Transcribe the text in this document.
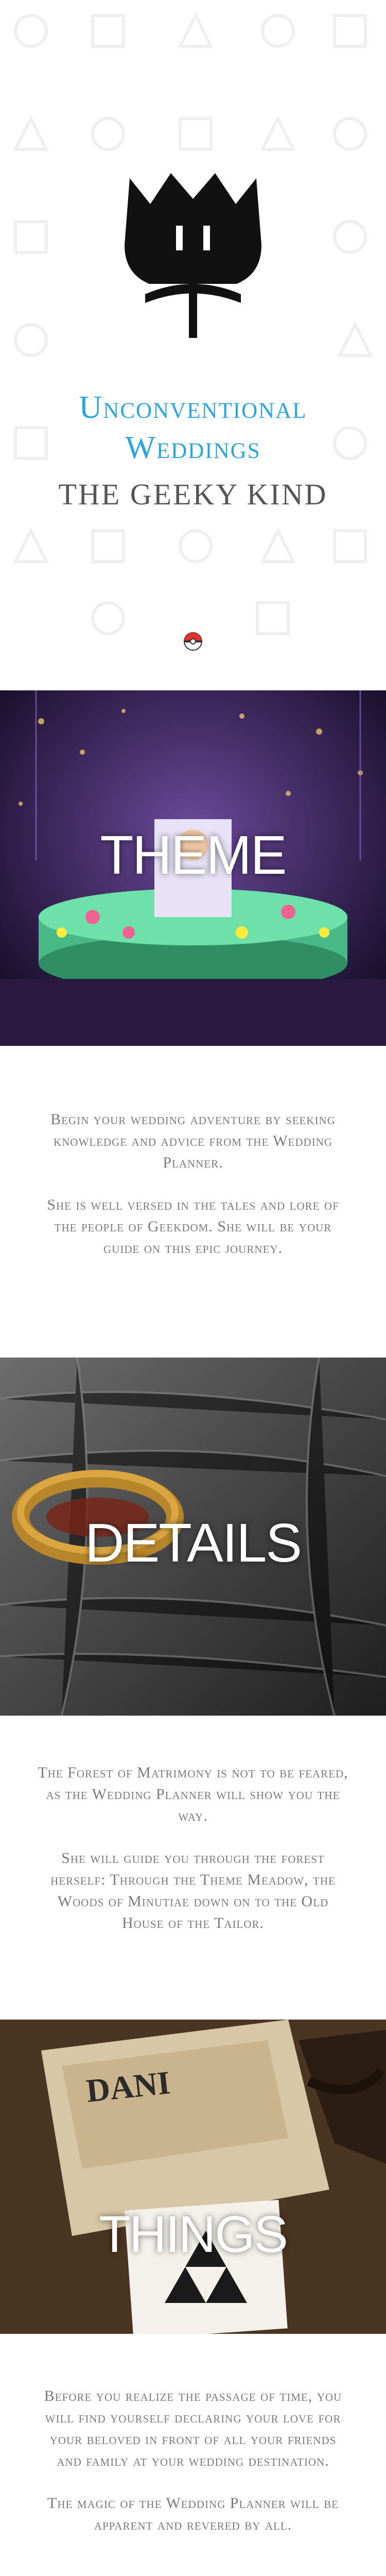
Unconventional
Weddings
THE GEEKY KIND
THEME

Begin your wedding adventure by seeking knowledge and advice from the Wedding Planner.

She is well versed in the tales and lore of the people of Geekdom. She will be your guide on this epic journey.

DETAILS

The Forest of Matrimony is not to be feared, as the Wedding Planner will show you the way.

She will guide you through the forest herself: Through the Theme Meadow, the Woods of Minutiae down on to the Old House of the Tailor.

DANI
THINGS

Before you realize the passage of time, you will find yourself declaring your love for your beloved in front of all your friends and family at your wedding destination.

The magic of the Wedding Planner will be apparent and revered by all.
